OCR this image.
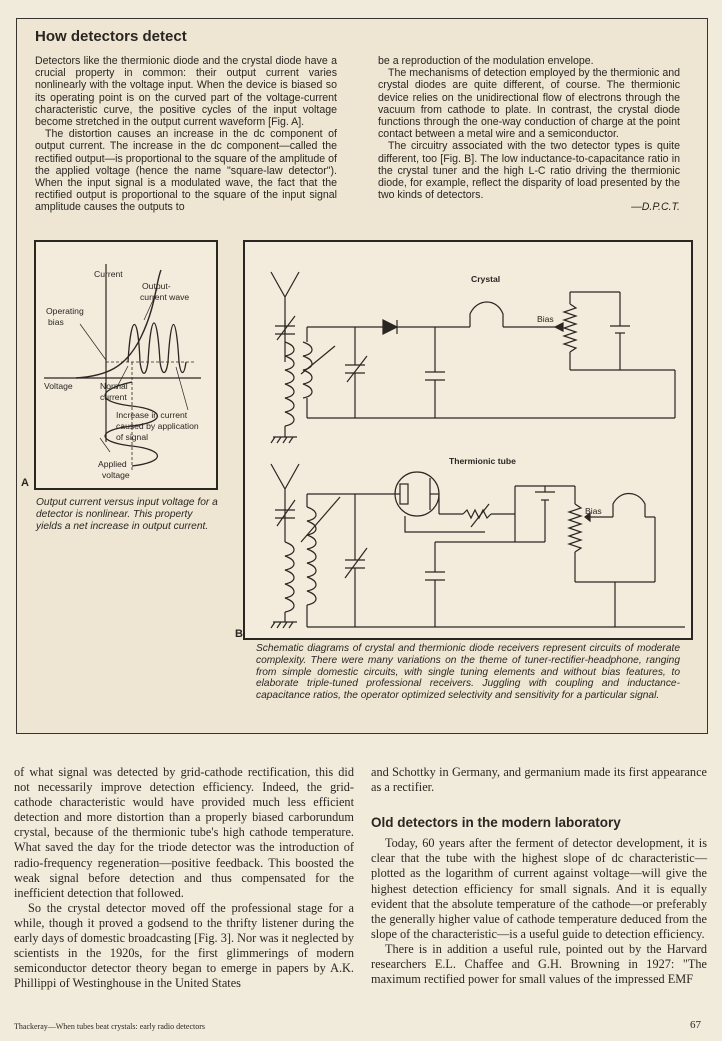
How detectors detect

Detectors like the thermionic diode and the crystal diode have a crucial property in common: their output current varies nonlinearly with the voltage input. When the device is biased so its operating point is on the curved part of the voltage-current characteristic curve, the positive cycles of the input voltage become stretched in the output current waveform [Fig. A].

The distortion causes an increase in the dc component of output current. The increase in the dc component—called the rectified output—is proportional to the square of the amplitude of the applied voltage (hence the name "square-law detector"). When the input signal is a modulated wave, the fact that the rectified output is proportional to the square of the input signal amplitude causes the outputs to

be a reproduction of the modulation envelope.

The mechanisms of detection employed by the thermionic and crystal diodes are quite different, of course. The thermionic device relies on the unidirectional flow of electrons through the vacuum from cathode to plate. In contrast, the crystal diode functions through the one-way conduction of charge at the point contact between a metal wire and a semiconductor.

The circuitry associated with the two detector types is quite different, too [Fig. B]. The low inductance-to-capacitance ratio in the crystal tuner and the high L-C ratio driving the thermionic diode, for example, reflect the disparity of load presented by the two kinds of detectors.

—D.P.C.T.
Current
Output-
current wave
Operating
bias
Voltage	Normal
current
Increase in current
caused by application
of signal
Applied
voltage
A
Output current versus input voltage for a detector is nonlinear. This property yields a net increase in output current.
Crystal
Bias
Thermionic tube
Bias
B
Schematic diagrams of crystal and thermionic diode receivers represent circuits of moderate complexity. There were many variations on the theme of tuner-rectifier-headphone, ranging from simple domestic circuits, with single tuning elements and without bias features, to elaborate triple-tuned professional receivers. Juggling with coupling and inductance-capacitance ratios, the operator optimized selectivity and sensitivity for a particular signal.

of what signal was detected by grid-cathode rectification, this did not necessarily improve detection efficiency. Indeed, the grid-cathode characteristic would have provided much less efficient detection and more distortion than a properly biased carborundum crystal, because of the thermionic tube's high cathode temperature. What saved the day for the triode detector was the introduction of radio-frequency regeneration—positive feedback. This boosted the weak signal before detection and thus compensated for the inefficient detection that followed.

So the crystal detector moved off the professional stage for a while, though it proved a godsend to the thrifty listener during the early days of domestic broadcasting [Fig. 3]. Nor was it neglected by scientists in the 1920s, for the first glimmerings of modern semiconductor detector theory began to emerge in papers by A.K. Phillippi of Westinghouse in the United States

and Schottky in Germany, and germanium made its first appearance as a rectifier.

Old detectors in the modern laboratory

Today, 60 years after the ferment of detector development, it is clear that the tube with the highest slope of dc characteristic—plotted as the logarithm of current against voltage—will give the highest detection efficiency for small signals. And it is equally evident that the absolute temperature of the cathode—or preferably the generally higher value of cathode temperature deduced from the slope of the characteristic—is a useful guide to detection efficiency.

There is in addition a useful rule, pointed out by the Harvard researchers E.L. Chaffee and G.H. Browning in 1927: "The maximum rectified power for small values of the impressed EMF

Thackeray—When tubes beat crystals: early radio detectors	67
